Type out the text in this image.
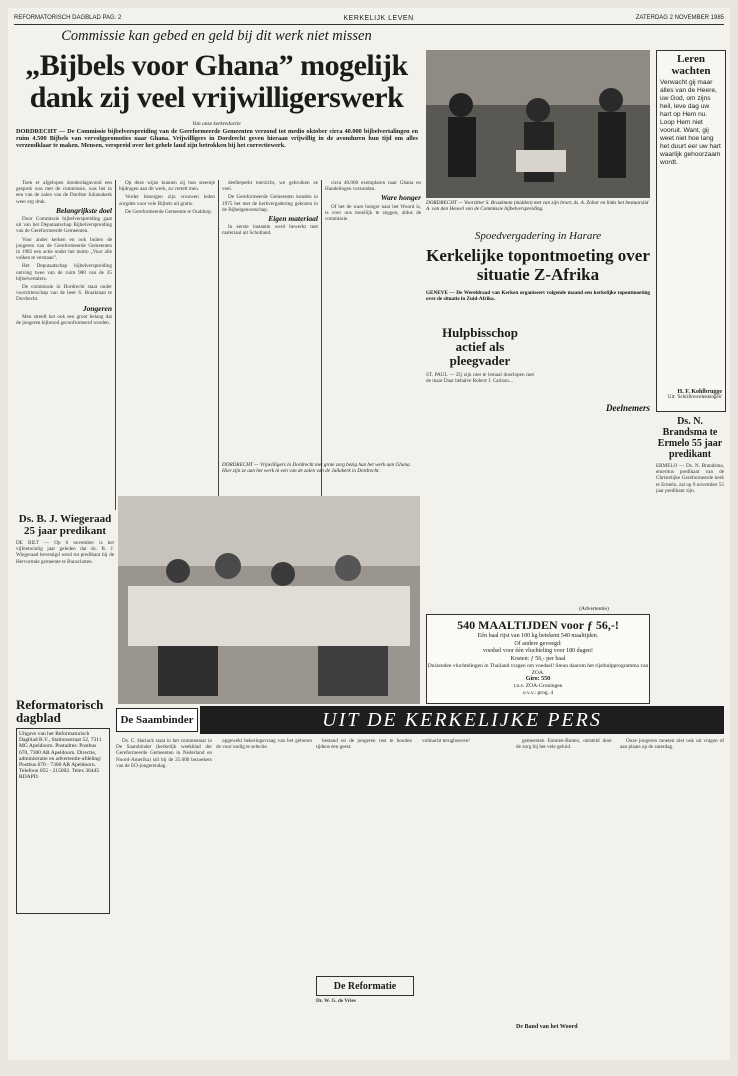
REFORMATORISCH DAGBLAD PAG. 2	KERKELIJK LEVEN	ZATERDAG 2 NOVEMBER 1985
Commissie kan gebed en geld bij dit werk niet missen
„Bijbels voor Ghana” mogelijk dank zij veel vrijwilligerswerk
Van onze kerkredactie
DORDRECHT — De Commissie bijbelverspreiding van de Gereformeerde Gemeenten verzond tot medio oktober circa 40.000 bijbelvertalingen en ruim 4.500 Bijbels van vervolgpromoties naar Ghana. Vrijwilligers in Dordrecht geven hieraan vrijwillig in de avonduren hun tijd om alles verzendklaar te maken. Mensen, verspreid over het gehele land zijn betrokken bij het correctiewerk.

Toen er afgelopen donderdagavond een gesprek was met de commissie, was het in een van de zalen van de Dordtse Julianakerk weer erg druk.

Belangrijkste doel

Door Commissie bijbelverspreiding gaat uit van het Deputaatschap Bijbelverspreiding van de Gereformeerde Gemeenten.

Voor ander kerken en ook buiten de jongeren van de Gereformeerde Gemeenten in 1982 een actie onder het motto „Voor alle volken te verstaan”.

Het Deputaatschap bijbelverspreiding ontving twee van de ruim 900 van de 35 bijbelvertalers.

De commissie in Dordrecht staat onder voorzitterschap van de heer S. Braakman te Dordrecht.

Jongeren

Men streeft het ook een groot belang dat de jongeren bijbrood geconfronteerd worden.

Op deze wijze kunnen zij hun steentje bijdragen aan dit werk, zo vertelt men.

Verder bezorgen zijn vrouwen leden zorgden voor vele Bijbels uit gratis.

De Gereformeerde Gemeente te Ouddorp.

deelbeperkt toerzicht, we gebruiken ze veel.

De Gereformeerde Gemeenten konden in 1975 het met de kerkvergadering gekozen in de Bijbelgenootschap.

Eigen materiaal

In eerste instantie werd bewerkt met materiaal uit Schotland.

circa 40.000 exemplaren naar Ghana en Handelingen verzonden.

Ware honger

Of het de ware honger naar het Woord is, is voor ons moeilijk te zeggen, aldus de commissie.

DORDRECHT — Vrijwilligers in Dordrecht met grote zorg bezig hun het werk aan Ghana. Hier zijn ze aan het werk in een van de zalen van de Jullakerk in Dordrecht.
Ds. B. J. Wiegeraad 25 jaar predikant
DE BILT — Op 6 november is het vijfentwintig jaar geleden dat ds. B. J. Wiegeraad bevestigd werd tot predikant bij de Hervormde gemeente te Bunschoten.
Reformatorisch dagblad
Uitgave van het Reformatorisch Dagblad B.V., Stationsstraat 52, 7311 MG Apeldoorn. Postadres: Postbus 670, 7300 AR Apeldoorn. Directie, administratie en advertentie-afdeling: Postbus 670 - 7300 AR Apeldoorn. Telefoon 055 - 215002. Telex 36445 RDAPD.
De Saambinder	UIT DE KERKELIJKE PERS

Ds. C. Harinck staat in het commentaar in De Saambinder (kerkelijk weekblad der Gereformeerde Gemeenten in Nederland en Noord-Amerika) stil bij de 25.000 bezoekers van de EO-jongerendag.

opgewekt bekeringsvraag van het geboren de voor nodig te selectie.

bestand en de jongeren rust te houden tijdens een geest.

De Reformatie
Dr. W. G. de Vries

volmacht terughoeven!	gemeenten Emmen-Buiten, ontsteld door de zorg bij het vele geluid.

De Band van het Woord
DORDRECHT — Voorzitter S. Braakman (midden) met van zijn broer, ds. A. Zohar en links het bestuurslid A. van den Heuvel van de Commissie bijbelverspreiding.
Spoedvergadering in Harare
Kerkelijke topontmoeting over situatie Z-Afrika
GENEVE — De Wereldraad van Kerken organiseert volgende maand een kerkelijke topontmoeting over de situatie in Zuid-Afrika.
Hulpbisschop actief als pleegvader
ST. PAUL — Zij zijn niet te lemaal doorlopen met de maar Daar behalve Robert J. Carlson...

Deelnemers
(Advertentie)
540 MAALTIJDEN voor ƒ 56,-!
Eén baal rijst van 100 kg betekent 540 maaltijden.
Of andere gevoegd:
voedsel voor één vluchteling voor 180 dagen!
Kosten: ƒ 56,- per baal
Duizenden vluchtelingen in Thailand vragen om voedsel! Steun daarom het rijsthulpprogramma van ZOA.
Giro: 550
t.n.v. ZOA-Groningen
o.v.v.: prog. 4
Leren wachten
Verwacht gij maar alles van de Heere, uw God, om zijns heil, leve dag uw hart op Hem nu. Loop Hem niet vooruit. Want, gij weet niet hoe lang het duurt eer uw hart waarlijk gehoorzaam wordt.
H. F. Kohlbrugge
Uit: 'Schriftoverdenkingen'
Ds. N. Brandsma te Ermelo 55 jaar predikant
ERMELO — Ds. N. Brandsma, emeritus predikant van de Christelijke Gereformeerde kerk te Ermelo, zal op 9 november 55 jaar predikant zijn.

Onze jongeren moeten niet ook uit vragen of aan plaats op de zaterdag.
